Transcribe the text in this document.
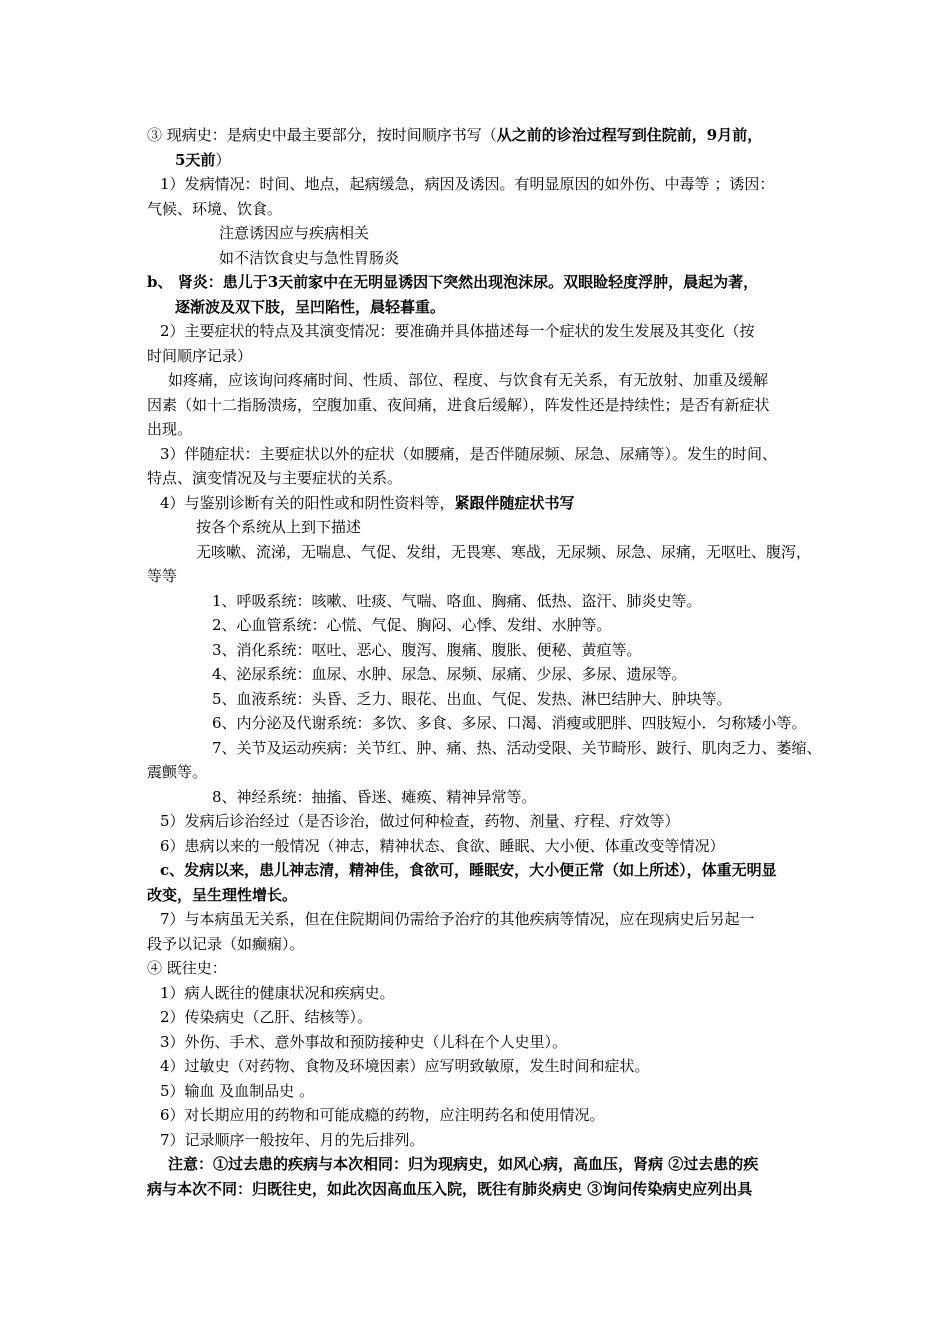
③ 现病史：是病史中最主要部分，按时间顺序书写（从之前的诊治过程写到住院前，9月前，
5天前）
1）发病情况：时间、地点，起病缓急，病因及诱因。有明显原因的如外伤、中毒等 ；诱因：
气候、环境、饮食。
注意诱因应与疾病相关
如不洁饮食史与急性胃肠炎
b、 肾炎：患儿于3天前家中在无明显诱因下突然出现泡沫尿。双眼睑轻度浮肿，晨起为著，
逐渐波及双下肢，呈凹陷性，晨轻暮重。
2）主要症状的特点及其演变情况：要准确并具体描述每一个症状的发生发展及其变化（按
时间顺序记录）
如疼痛，应该询问疼痛时间、性质、部位、程度、与饮食有无关系，有无放射、加重及缓解
因素（如十二指肠溃疡，空腹加重、夜间痛，进食后缓解），阵发性还是持续性；是否有新症状
出现。
3）伴随症状：主要症状以外的症状（如腰痛，是否伴随尿频、尿急、尿痛等）。发生的时间、
特点、演变情况及与主要症状的关系。
4）与鉴别诊断有关的阳性或和阴性资料等，紧跟伴随症状书写
按各个系统从上到下描述
无咳嗽、流涕，无喘息、气促、发绀，无畏寒、寒战，无尿频、尿急、尿痛，无呕吐、腹泻，
等等
1、呼吸系统：咳嗽、吐痰、气喘、咯血、胸痛、低热、盗汗、肺炎史等。
2、心血管系统：心慌、气促、胸闷、心悸、发绀、水肿等。
3、消化系统：呕吐、恶心、腹泻、腹痛、腹胀、便秘、黄疸等。
4、泌尿系统：血尿、水肿、尿急、尿频、尿痛、少尿、多尿、遗尿等。
5、血液系统：头昏、乏力、眼花、出血、气促、发热、淋巴结肿大、肿块等。
6、内分泌及代谢系统：多饮、多食、多尿、口渴、消瘦或肥胖、四肢短小．匀称矮小等。
7、关节及运动疾病：关节红、肿、痛、热、活动受限、关节畸形、跛行、肌肉乏力、萎缩、
震颤等。
8、神经系统：抽搐、昏迷、瘫痪、精神异常等。
5）发病后诊治经过（是否诊治，做过何种检查，药物、剂量、疗程、疗效等）
6）患病以来的一般情况（神志，精神状态、食欲、睡眠、大小便、体重改变等情况）
c、发病以来，患儿神志清，精神佳，食欲可，睡眠安，大小便正常（如上所述），体重无明显
改变，呈生理性增长。
7）与本病虽无关系，但在住院期间仍需给予治疗的其他疾病等情况，应在现病史后另起一
段予以记录（如癫痫）。
④ 既往史：
1）病人既往的健康状况和疾病史。
2）传染病史（乙肝、结核等）。
3）外伤、手术、意外事故和预防接种史（儿科在个人史里）。
4）过敏史（对药物、食物及环境因素）应写明致敏原，发生时间和症状。
5）输血 及血制品史 。
6）对长期应用的药物和可能成瘾的药物，应注明药名和使用情况。
7）记录顺序一般按年、月的先后排列。
注意：①过去患的疾病与本次相同：归为现病史，如风心病，高血压，肾病 ②过去患的疾
病与本次不同：归既往史，如此次因高血压入院，既往有肺炎病史 ③询问传染病史应列出具
